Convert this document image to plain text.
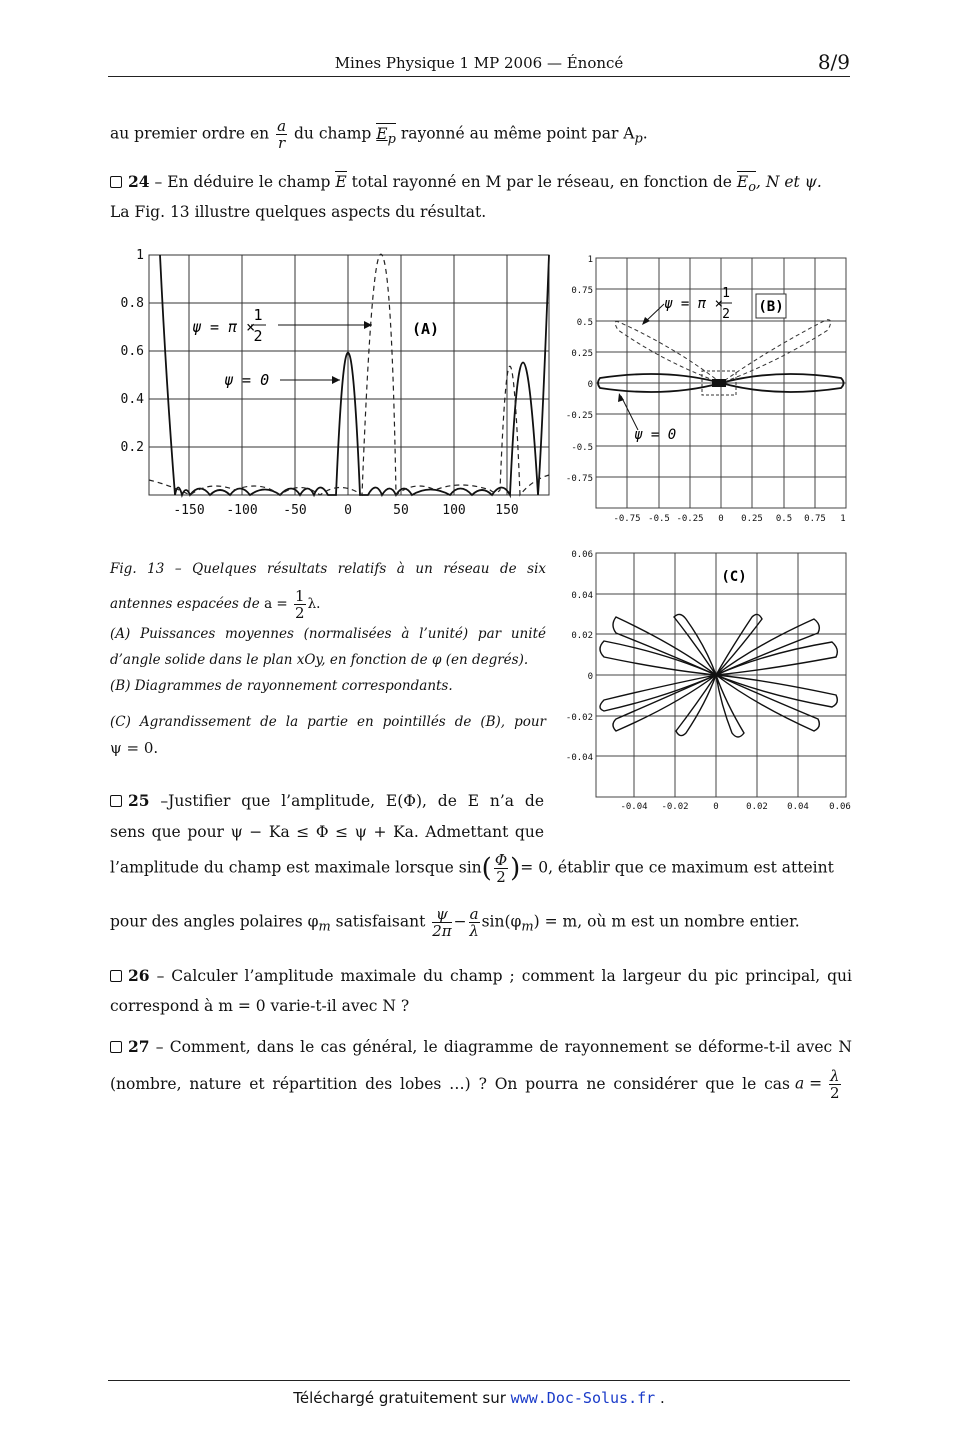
Mines Physique 1 MP 2006 — Énoncé	8/9
au premier ordre en $\frac{a}{r}$ du champ $E_p$ rayonné au même point par $A_p$.
24 – En déduire le champ E total rayonné en M par le réseau, en fonction de $E_o$, N et ψ.
La Fig. 13 illustre quelques aspects du résultat.
1
0.8
0.6
0.4
0.2
-150 -100 -50	0	50	100 150
ψ = π ×
1
2	(A)
ψ = 0
1
0.75
0.5
0.25
0
-0.25
-0.5
-0.75
-0.75 -0.5 -0.25 0 0.25 0.5 0.75 1
ψ = π ×
1
2 (B)
ψ = 0
0.06
0.04
0.02
0
-0.02
-0.04
-0.04 -0.02	0	0.02 0.04 0.06
(C)
Fig. 13 – Quelques résultats relatifs à un réseau de six
antennes espacées de $a = \frac{1}{2} \lambda$.
(A) Puissances moyennes (normalisées à l’unité) par unité
d’angle solide dans le plan xOy, en fonction de φ (en degrés).
(B) Diagrammes de rayonnement correspondants.
(C) Agrandissement de la partie en pointillés de (B), pour
ψ = 0.
25 –Justifier que l’amplitude, E(Φ), de E n’a de
sens que pour ψ − Ka ≤ Φ ≤ ψ + Ka. Admettant que
l’amplitude du champ est maximale lorsque $\sin( \frac{\Phi}{2}$ )= 0, établir que ce maximum est atteint
pour des angles polaires $\varphi_m$ satisfaisant $\frac{\psi}{2\pi} - \frac{a}{\lambda} \sin(\varphi_m) = m$, où m est un nombre entier.
26 – Calculer l’amplitude maximale du champ ; comment la largeur du pic principal, qui
correspond à m = 0 varie-t-il avec N ?
27 – Comment, dans le cas général, le diagramme de rayonnement se déforme-t-il avec N
(nombre, nature et répartition des lobes …) ? On pourra ne considérer que le cas $a = \frac{\lambda}{2}$
Téléchargé gratuitement sur www.Doc-Solus.fr .
